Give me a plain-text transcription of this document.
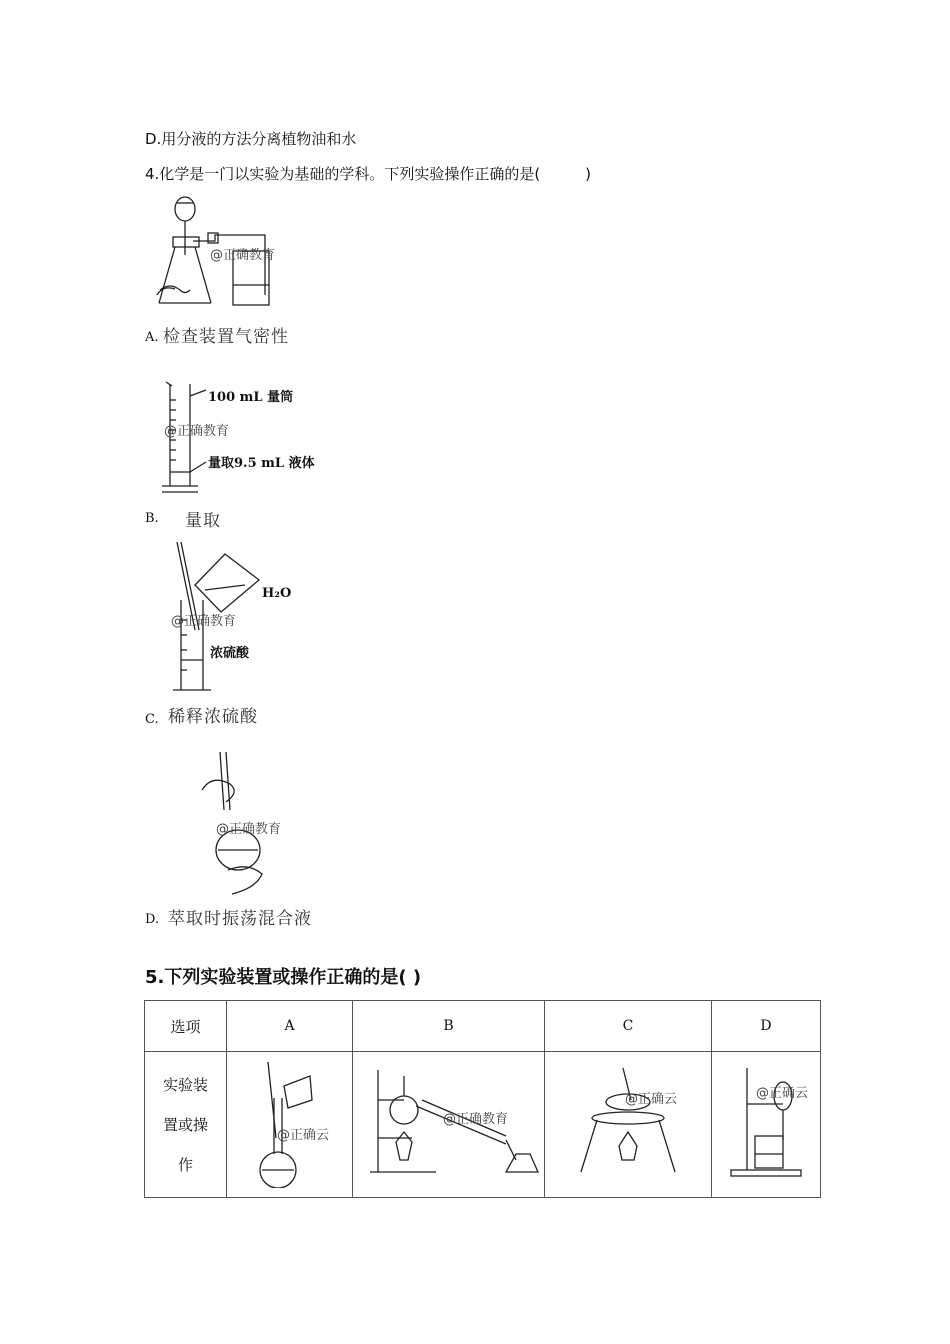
D.用分液的方法分离植物油和水
4.化学是一门以实验为基础的学科。下列实验操作正确的是(　　　)
A. 检查装置气密性
@正确教育
100 mL 量筒
量取9.5 mL 液体
@正确教育
B. 量取
H₂O
浓硫酸
@正确教育
C. 稀释浓硫酸
@正确教育
D. 萃取时振荡混合液
5.下列实验装置或操作正确的是( )
选项	A	B	C	D

实验装
置或操
作	@正确云	@正确教育	@正确云	@正确云
